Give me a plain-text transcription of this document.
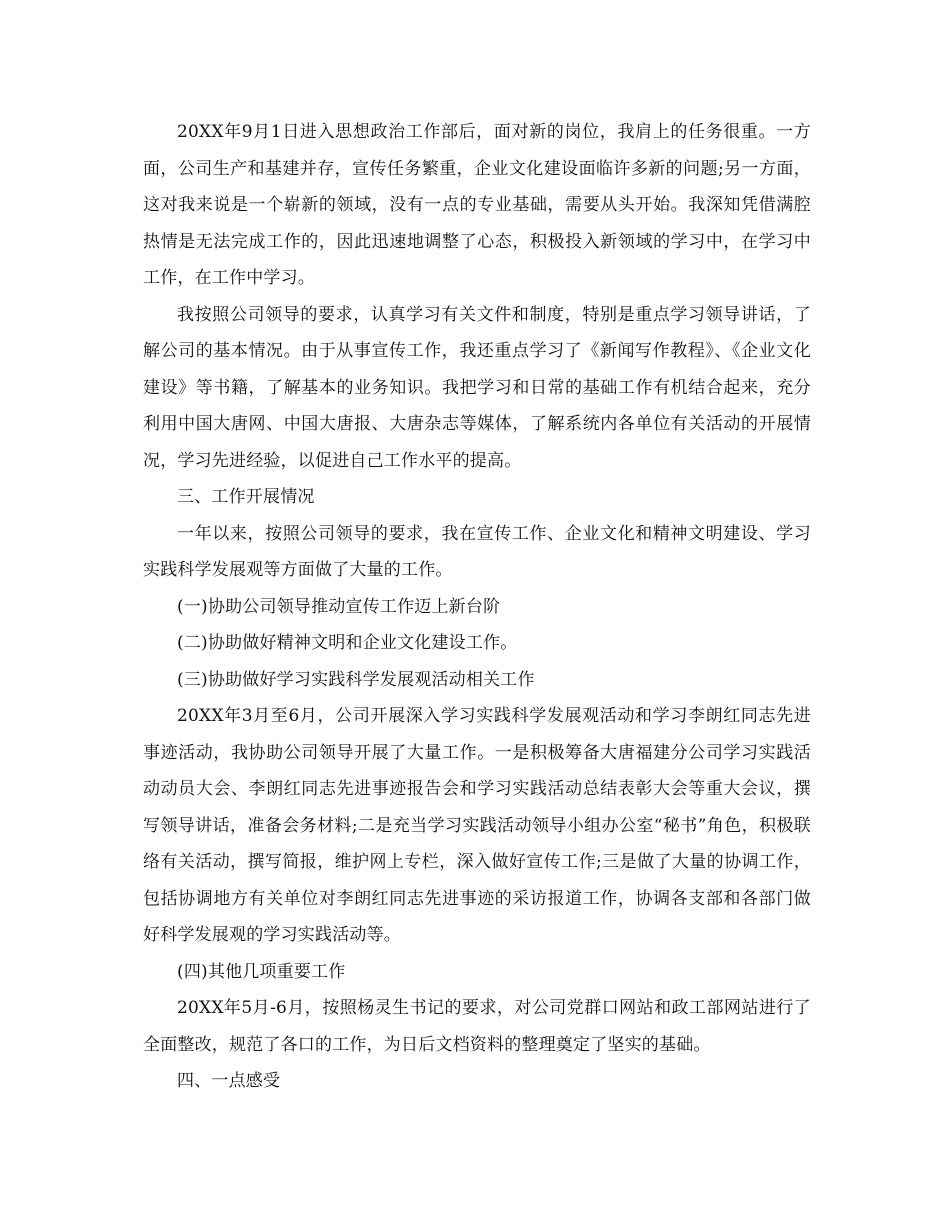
20XX年9月1日进入思想政治工作部后，面对新的岗位，我肩上的任务很重。一方面，公司生产和基建并存，宣传任务繁重，企业文化建设面临许多新的问题;另一方面，这对我来说是一个崭新的领域，没有一点的专业基础，需要从头开始。我深知凭借满腔热情是无法完成工作的，因此迅速地调整了心态，积极投入新领域的学习中，在学习中工作，在工作中学习。

我按照公司领导的要求，认真学习有关文件和制度，特别是重点学习领导讲话，了解公司的基本情况。由于从事宣传工作，我还重点学习了《新闻写作教程》、《企业文化建设》等书籍，了解基本的业务知识。我把学习和日常的基础工作有机结合起来，充分利用中国大唐网、中国大唐报、大唐杂志等媒体，了解系统内各单位有关活动的开展情况，学习先进经验，以促进自己工作水平的提高。

三、工作开展情况

一年以来，按照公司领导的要求，我在宣传工作、企业文化和精神文明建设、学习实践科学发展观等方面做了大量的工作。

(一)协助公司领导推动宣传工作迈上新台阶

(二)协助做好精神文明和企业文化建设工作。

(三)协助做好学习实践科学发展观活动相关工作

20XX年3月至6月，公司开展深入学习实践科学发展观活动和学习李朗红同志先进事迹活动，我协助公司领导开展了大量工作。一是积极筹备大唐福建分公司学习实践活动动员大会、李朗红同志先进事迹报告会和学习实践活动总结表彰大会等重大会议，撰写领导讲话，准备会务材料;二是充当学习实践活动领导小组办公室“秘书”角色，积极联络有关活动，撰写简报，维护网上专栏，深入做好宣传工作;三是做了大量的协调工作，包括协调地方有关单位对李朗红同志先进事迹的采访报道工作，协调各支部和各部门做好科学发展观的学习实践活动等。

(四)其他几项重要工作

20XX年5月-6月，按照杨灵生书记的要求，对公司党群口网站和政工部网站进行了全面整改，规范了各口的工作，为日后文档资料的整理奠定了坚实的基础。

四、一点感受
